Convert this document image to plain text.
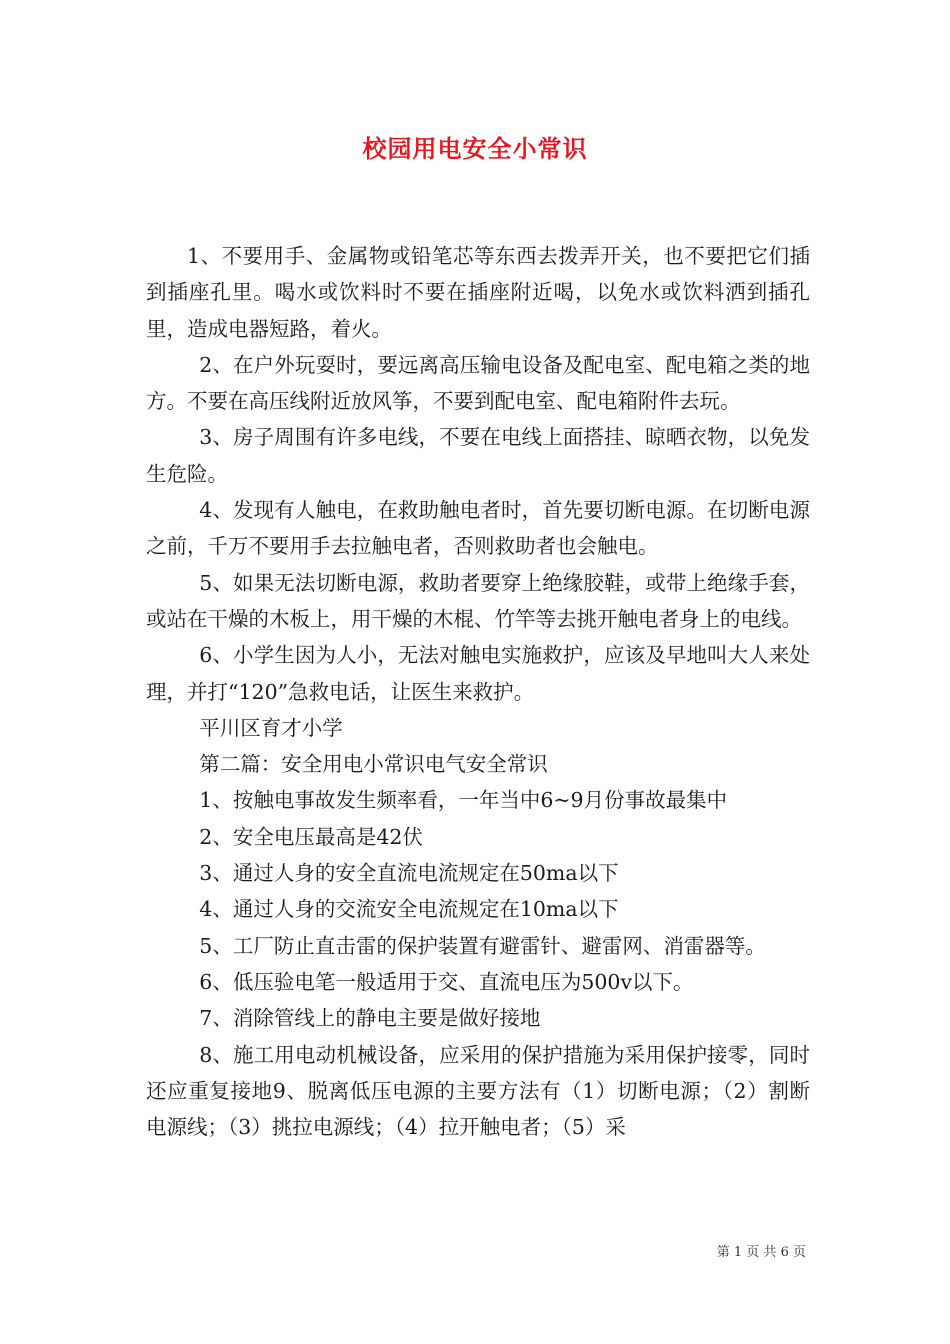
校园用电安全小常识

1、不要用手、金属物或铅笔芯等东西去拨弄开关，也不要把它们插到插座孔里。喝水或饮料时不要在插座附近喝，以免水或饮料洒到插孔里，造成电器短路，着火。

2、在户外玩耍时，要远离高压输电设备及配电室、配电箱之类的地方。不要在高压线附近放风筝，不要到配电室、配电箱附件去玩。

3、房子周围有许多电线，不要在电线上面搭挂、晾晒衣物，以免发生危险。

4、发现有人触电，在救助触电者时，首先要切断电源。在切断电源之前，千万不要用手去拉触电者，否则救助者也会触电。

5、如果无法切断电源，救助者要穿上绝缘胶鞋，或带上绝缘手套，或站在干燥的木板上，用干燥的木棍、竹竿等去挑开触电者身上的电线。

6、小学生因为人小，无法对触电实施救护，应该及早地叫大人来处理，并打“120”急救电话，让医生来救护。

平川区育才小学

第二篇：安全用电小常识电气安全常识

1、按触电事故发生频率看，一年当中6~9月份事故最集中

2、安全电压最高是42伏

3、通过人身的安全直流电流规定在50ma以下

4、通过人身的交流安全电流规定在10ma以下

5、工厂防止直击雷的保护装置有避雷针、避雷网、消雷器等。

6、低压验电笔一般适用于交、直流电压为500v以下。

7、消除管线上的静电主要是做好接地

8、施工用电动机械设备，应采用的保护措施为采用保护接零，同时还应重复接地9、脱离低压电源的主要方法有（1）切断电源；（2）割断电源线；（3）挑拉电源线；（4）拉开触电者；（5）采

第 1 页 共 6 页
